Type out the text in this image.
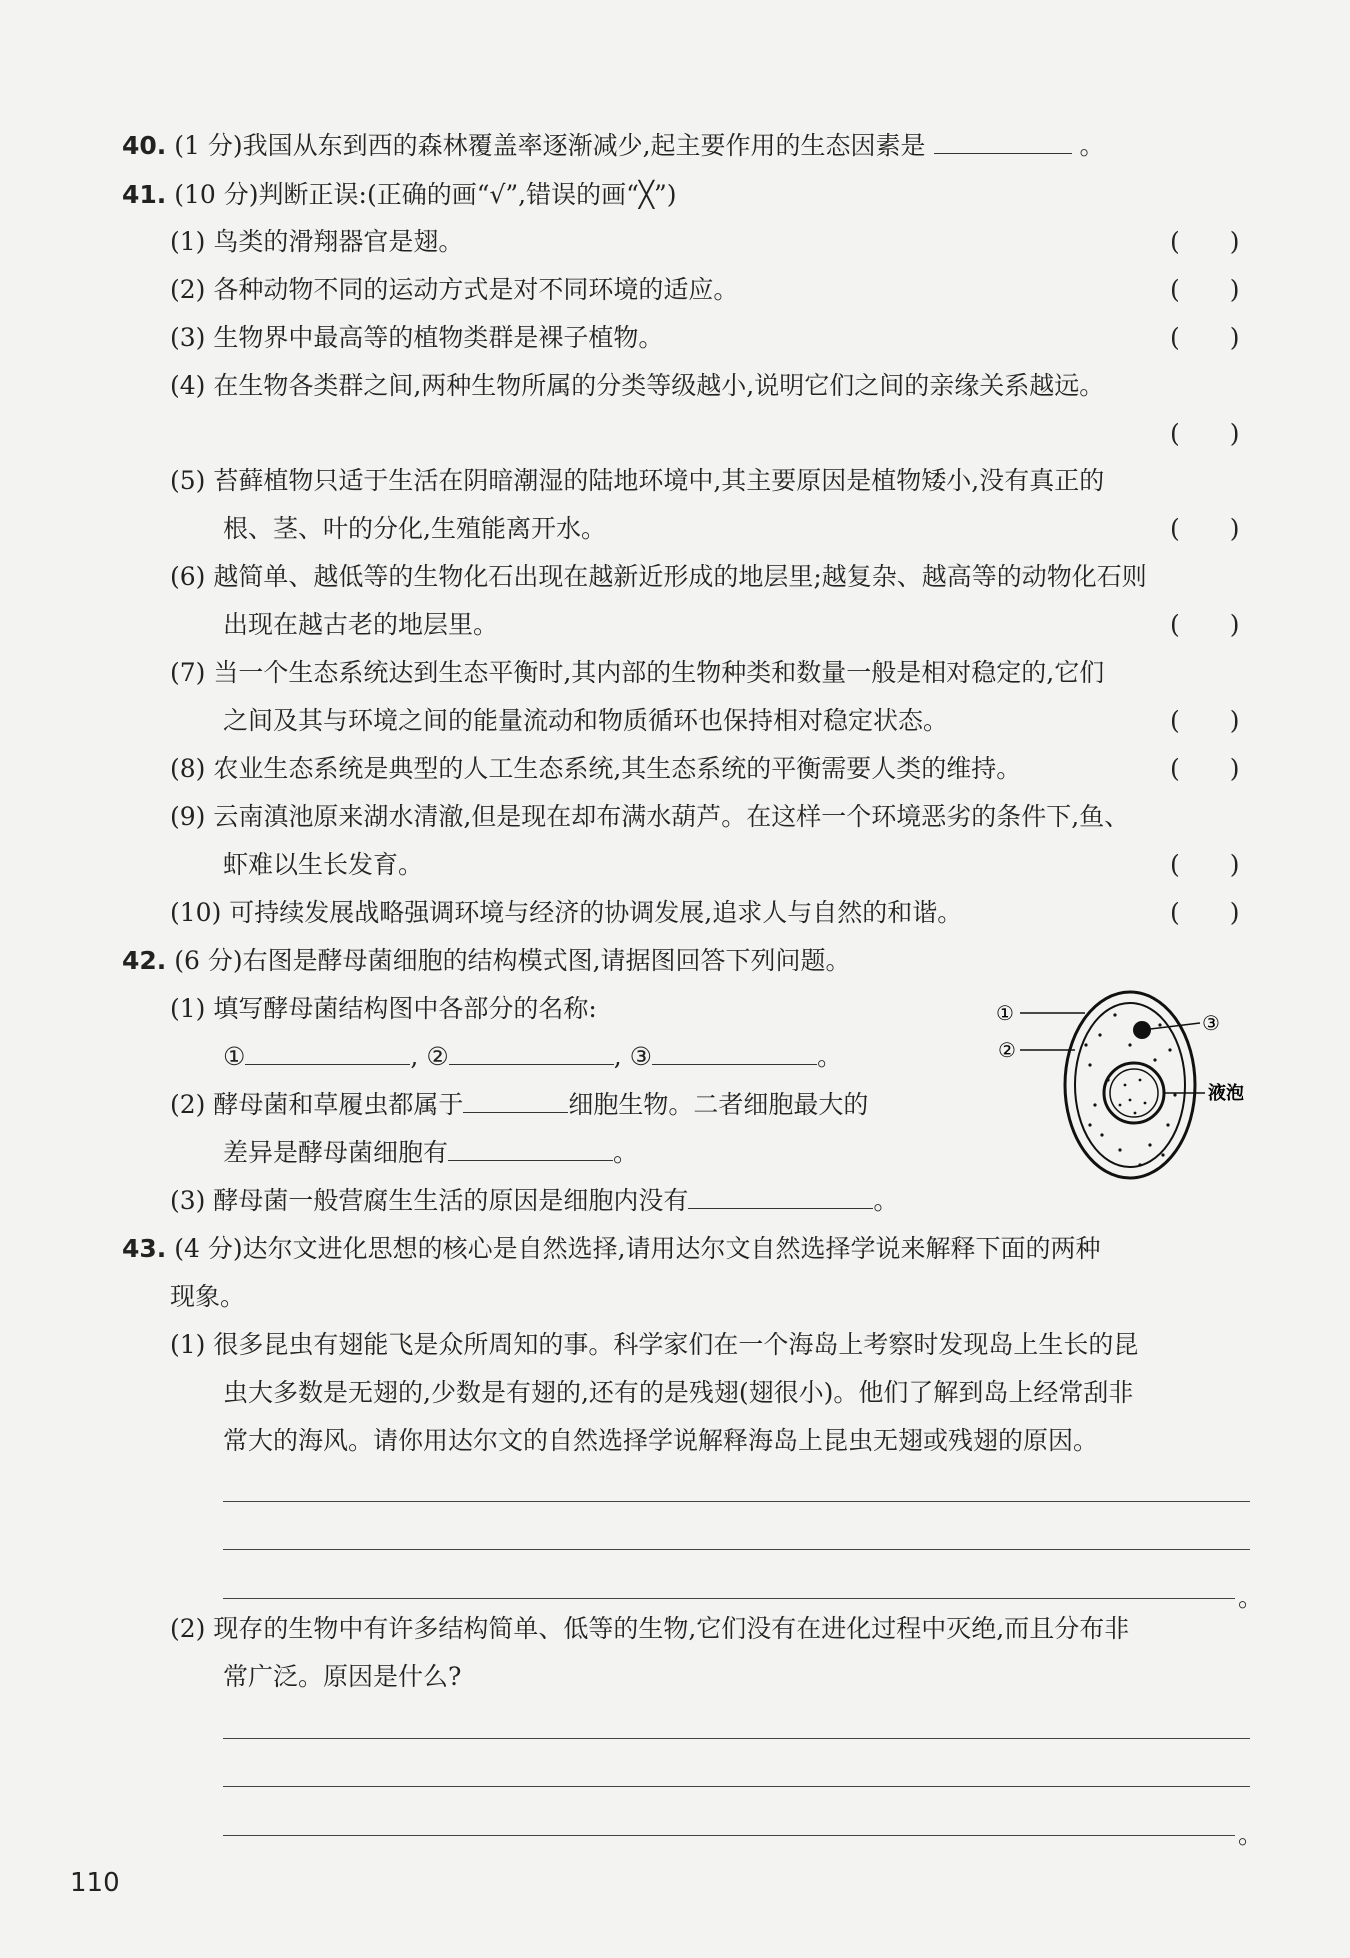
40. (1 分)我国从东到西的森林覆盖率逐渐减少,起主要作用的生态因素是	。
41. (10 分)判断正误:(正确的画“√”,错误的画“╳”)
(1) 鸟类的滑翔器官是翅。	(　　)
(2) 各种动物不同的运动方式是对不同环境的适应。	(　　)
(3) 生物界中最高等的植物类群是裸子植物。	(　　)
(4) 在生物各类群之间,两种生物所属的分类等级越小,说明它们之间的亲缘关系越远。
(　　)
(5) 苔藓植物只适于生活在阴暗潮湿的陆地环境中,其主要原因是植物矮小,没有真正的
根、茎、叶的分化,生殖能离开水。	(　　)
(6) 越简单、越低等的生物化石出现在越新近形成的地层里;越复杂、越高等的动物化石则
出现在越古老的地层里。	(　　)
(7) 当一个生态系统达到生态平衡时,其内部的生物种类和数量一般是相对稳定的,它们
之间及其与环境之间的能量流动和物质循环也保持相对稳定状态。	(　　)
(8) 农业生态系统是典型的人工生态系统,其生态系统的平衡需要人类的维持。	(　　)
(9) 云南滇池原来湖水清澈,但是现在却布满水葫芦。在这样一个环境恶劣的条件下,鱼、
虾难以生长发育。	(　　)
(10) 可持续发展战略强调环境与经济的协调发展,追求人与自然的和谐。	(　　)
42. (6 分)右图是酵母菌细胞的结构模式图,请据图回答下列问题。
(1) 填写酵母菌结构图中各部分的名称:
①	, ②	, ③	。
(2) 酵母菌和草履虫都属于	细胞生物。二者细胞最大的
差异是酵母菌细胞有	。
(3) 酵母菌一般营腐生生活的原因是细胞内没有	。
①
②
③
液泡
43. (4 分)达尔文进化思想的核心是自然选择,请用达尔文自然选择学说来解释下面的两种
现象。
(1) 很多昆虫有翅能飞是众所周知的事。科学家们在一个海岛上考察时发现岛上生长的昆
虫大多数是无翅的,少数是有翅的,还有的是残翅(翅很小)。他们了解到岛上经常刮非
常大的海风。请你用达尔文的自然选择学说解释海岛上昆虫无翅或残翅的原因。
。
(2) 现存的生物中有许多结构简单、低等的生物,它们没有在进化过程中灭绝,而且分布非
常广泛。原因是什么?
。
110
